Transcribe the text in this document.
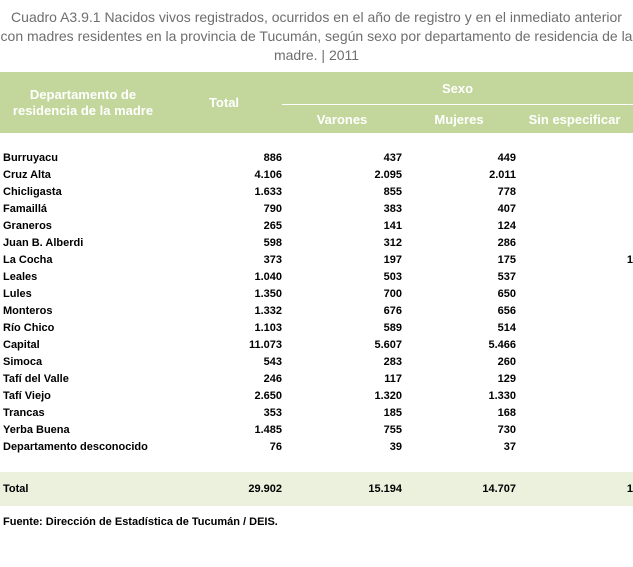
Cuadro A3.9.1 Nacidos vivos registrados, ocurridos en el año de registro y en el inmediato anterior con madres residentes en la provincia de Tucumán, según sexo por departamento de residencia de la madre. | 2011
Departamento de residencia de la madre	Total	Sexo		
		Varones	Mujeres	Sin especificar

Burruyacu	886	437	449	
Cruz Alta	4.106	2.095	2.011	
Chicligasta	1.633	855	778	
Famaillá	790	383	407	
Graneros	265	141	124	
Juan B. Alberdi	598	312	286	
La Cocha	373	197	175	1
Leales	1.040	503	537	
Lules	1.350	700	650	
Monteros	1.332	676	656	
Río Chico	1.103	589	514	
Capital	11.073	5.607	5.466	
Simoca	543	283	260	
Tafí del Valle	246	117	129	
Tafí Viejo	2.650	1.320	1.330	
Trancas	353	185	168	
Yerba Buena	1.485	755	730	
Departamento desconocido	76	39	37	

Total	29.902	15.194	14.707	1
Fuente: Dirección de Estadística de Tucumán / DEIS.
